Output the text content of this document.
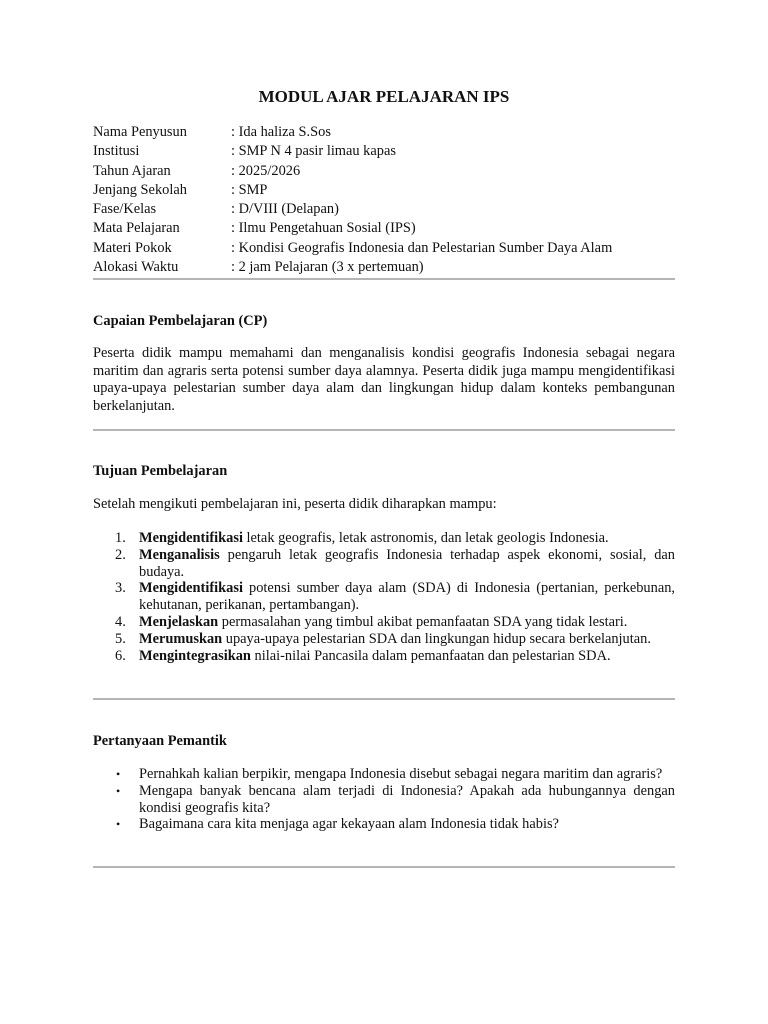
MODUL AJAR PELAJARAN IPS
Nama Penyusun	: Ida haliza S.Sos
Institusi	: SMP N 4 pasir limau kapas
Tahun Ajaran	: 2025/2026
Jenjang Sekolah	: SMP
Fase/Kelas	: D/VIII (Delapan)
Mata Pelajaran	: Ilmu Pengetahuan Sosial (IPS)
Materi Pokok	: Kondisi Geografis Indonesia dan Pelestarian Sumber Daya Alam
Alokasi Waktu	: 2 jam Pelajaran (3 x pertemuan)
Capaian Pembelajaran (CP)

Peserta didik mampu memahami dan menganalisis kondisi geografis Indonesia sebagai negara maritim dan agraris serta potensi sumber daya alamnya. Peserta didik juga mampu mengidentifikasi upaya-upaya pelestarian sumber daya alam dan lingkungan hidup dalam konteks pembangunan berkelanjutan.

Tujuan Pembelajaran

Setelah mengikuti pembelajaran ini, peserta didik diharapkan mampu:

1. Mengidentifikasi letak geografis, letak astronomis, dan letak geologis Indonesia.
2. Menganalisis pengaruh letak geografis Indonesia terhadap aspek ekonomi, sosial, dan budaya.
3. Mengidentifikasi potensi sumber daya alam (SDA) di Indonesia (pertanian, perkebunan, kehutanan, perikanan, pertambangan).
4. Menjelaskan permasalahan yang timbul akibat pemanfaatan SDA yang tidak lestari.
5. Merumuskan upaya-upaya pelestarian SDA dan lingkungan hidup secara berkelanjutan.
6. Mengintegrasikan nilai-nilai Pancasila dalam pemanfaatan dan pelestarian SDA.
Pertanyaan Pemantik
• Pernahkah kalian berpikir, mengapa Indonesia disebut sebagai negara maritim dan agraris?
• Mengapa banyak bencana alam terjadi di Indonesia? Apakah ada hubungannya dengan kondisi geografis kita?
• Bagaimana cara kita menjaga agar kekayaan alam Indonesia tidak habis?
